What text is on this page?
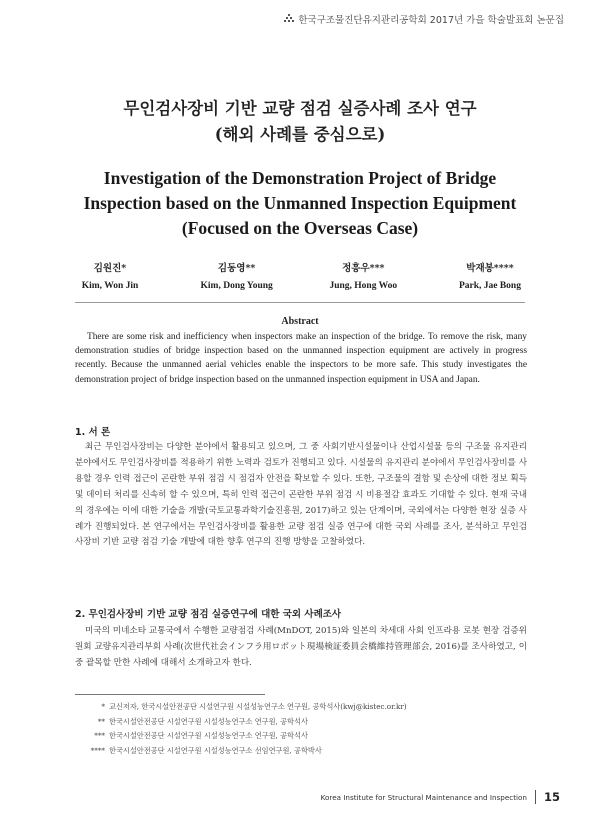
한국구조물진단유지관리공학회 2017년 가을 학술발표회 논문집
무인검사장비 기반 교량 점검 실증사례 조사 연구
(해외 사례를 중심으로)
Investigation of the Demonstration Project of Bridge
Inspection based on the Unmanned Inspection Equipment
(Focused on the Overseas Case)
김원진*
Kim, Won Jin
김동영**
Kim, Dong Young
정흥우***
Jung, Hong Woo
박재봉****
Park, Jae Bong
Abstract

There are some risk and inefficiency when inspectors make an inspection of the bridge. To remove the risk, many demonstration studies of bridge inspection based on the unmanned inspection equipment are actively in progress recently. Because the unmanned aerial vehicles enable the inspectors to be more safe. This study investigates the demonstration project of bridge inspection based on the unmanned inspection equipment in USA and Japan.

1. 서 론

최근 무인검사장비는 다양한 분야에서 활용되고 있으며, 그 중 사회기반시설물이나 산업시설물 등의 구조물 유지관리 분야에서도 무인검사장비를 적용하기 위한 노력과 검토가 진행되고 있다. 시설물의 유지관리 분야에서 무인검사장비를 사용할 경우 인력 접근이 곤란한 부위 점검 시 점검자 안전을 확보할 수 있다. 또한, 구조물의 결함 및 손상에 대한 정보 획득 및 데이터 처리를 신속히 할 수 있으며, 특히 인력 접근이 곤란한 부위 점검 시 비용절감 효과도 기대할 수 있다. 현재 국내의 경우에는 이에 대한 기술을 개발(국토교통과학기술진흥원, 2017)하고 있는 단계이며, 국외에서는 다양한 현장 실증 사례가 진행되었다. 본 연구에서는 무인검사장비를 활용한 교량 점검 실증 연구에 대한 국외 사례를 조사, 분석하고 무인검사장비 기반 교량 점검 기술 개발에 대한 향후 연구의 진행 방향을 고찰하였다.

2. 무인검사장비 기반 교량 점검 실증연구에 대한 국외 사례조사

미국의 미네소타 교통국에서 수행한 교량점검 사례(MnDOT, 2015)와 일본의 차세대 사회 인프라용 로봇 현장 검증위원회 교량유지관리부회 사례(次世代社会インフラ用ロボット現場検証委員会橋維持管理部会, 2016)를 조사하였고, 이 중 괄목할 만한 사례에 대해서 소개하고자 한다.

* 교신저자, 한국시설안전공단 시설연구원 시설성능연구소 연구원, 공학석사(kwj@kistec.or.kr)
** 한국시설안전공단 시설연구원 시설성능연구소 연구원, 공학석사
*** 한국시설안전공단 시설연구원 시설성능연구소 연구원, 공학석사
**** 한국시설안전공단 시설연구원 시설성능연구소 선임연구원, 공학박사
Korea Institute for Structural Maintenance and Inspection 15
